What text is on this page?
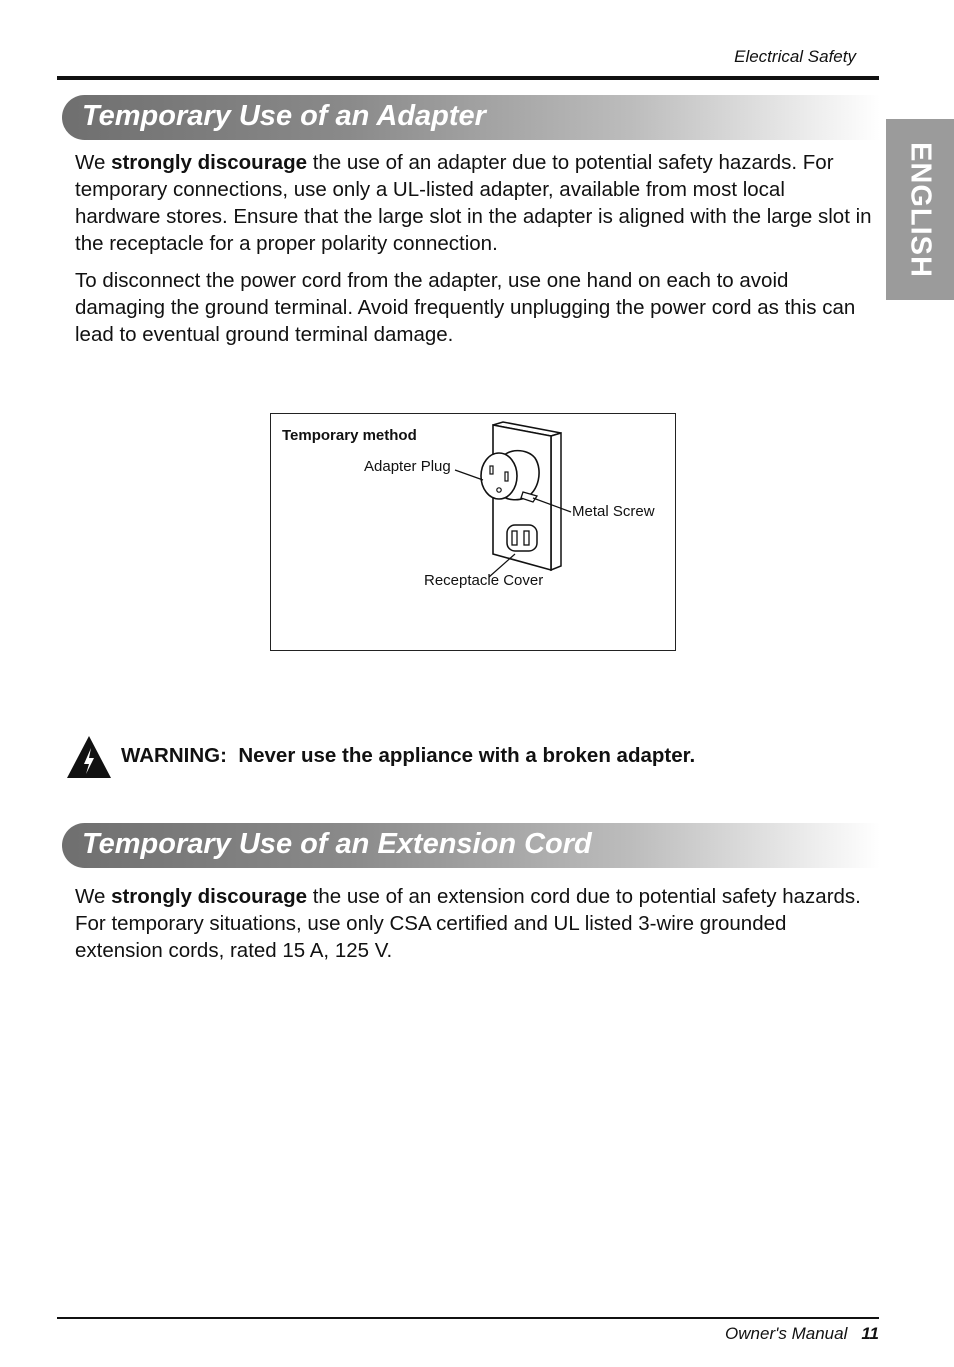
Electrical Safety
ENGLISH
Temporary Use of an Adapter

We strongly discourage the use of an adapter due to potential safety hazards. For temporary connections, use only a UL-listed adapter, available from most local hardware stores. Ensure that the large slot in the adapter is aligned with the large slot in the receptacle for a proper polarity connection.

To disconnect the power cord from the adapter, use one hand on each to avoid damaging the ground terminal. Avoid frequently unplugging the power cord as this can lead to eventual ground terminal damage.

Temporary method
Adapter Plug
Metal Screw
Receptacle Cover
WARNING: Never use the appliance with a broken adapter.
Temporary Use of an Extension Cord

We strongly discourage the use of an extension cord due to potential safety hazards. For temporary situations, use only CSA certified and UL listed 3-wire grounded extension cords, rated 15 A, 125 V.

Owner's Manual 11
